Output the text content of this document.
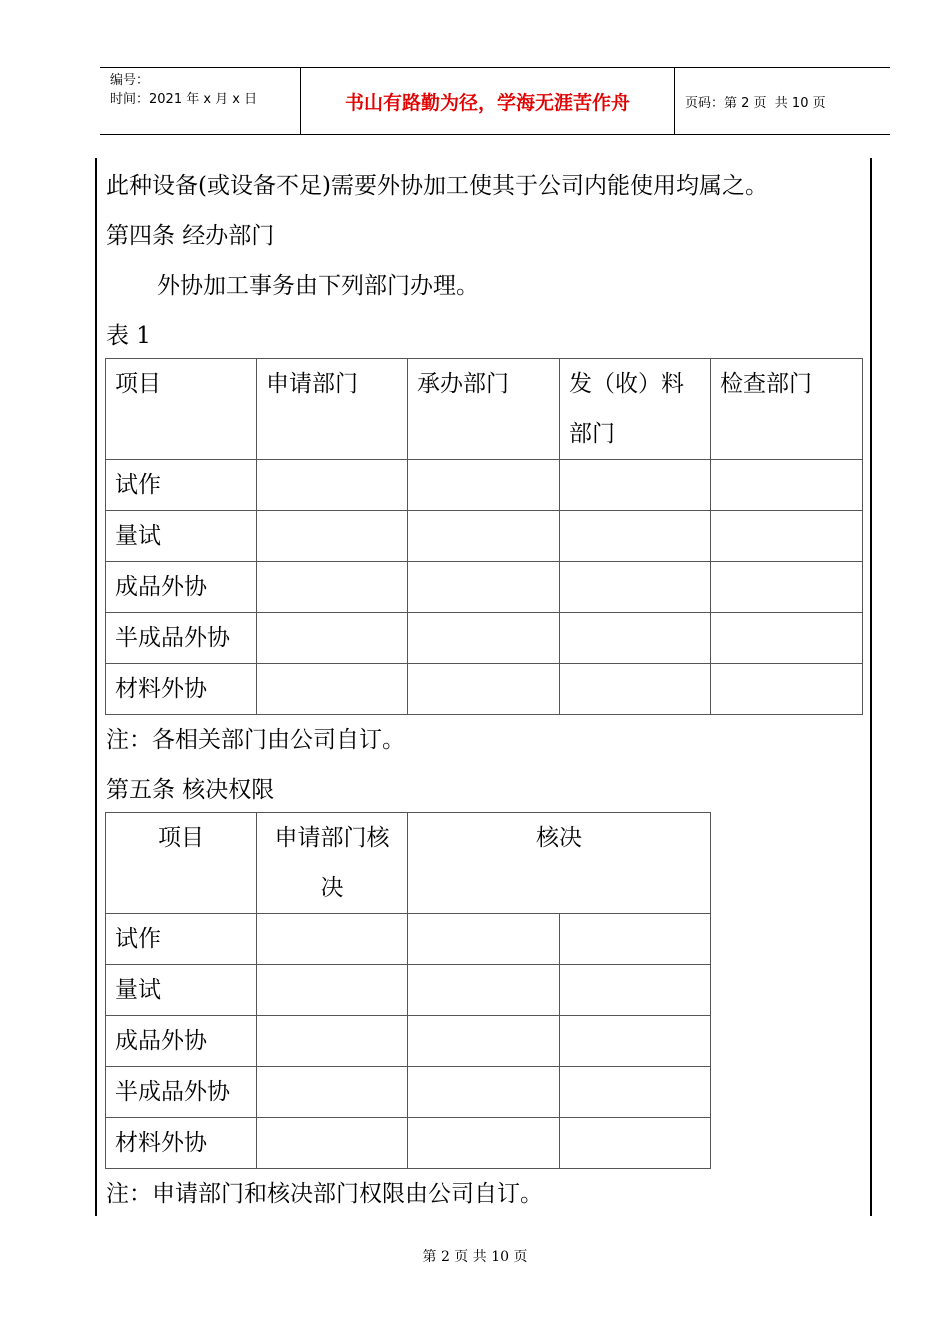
编号：
时间：2021 年 x 月 x 日	书山有路勤为径，学海无涯苦作舟	页码：第 2 页  共 10 页
此种设备(或设备不足)需要外协加工使其于公司内能使用均属之。
第四条 经办部门
外协加工事务由下列部门办理。
表 1
项目	申请部门	承办部门	发（收）料部门	检查部门
试作				
量试				
成品外协				
半成品外协				
材料外协				
注：各相关部门由公司自订。
第五条 核决权限
项目	申请部门核决	核决	
试作			
量试			
成品外协			
半成品外协			
材料外协			
注：申请部门和核决部门权限由公司自订。
第 2 页 共 10 页
